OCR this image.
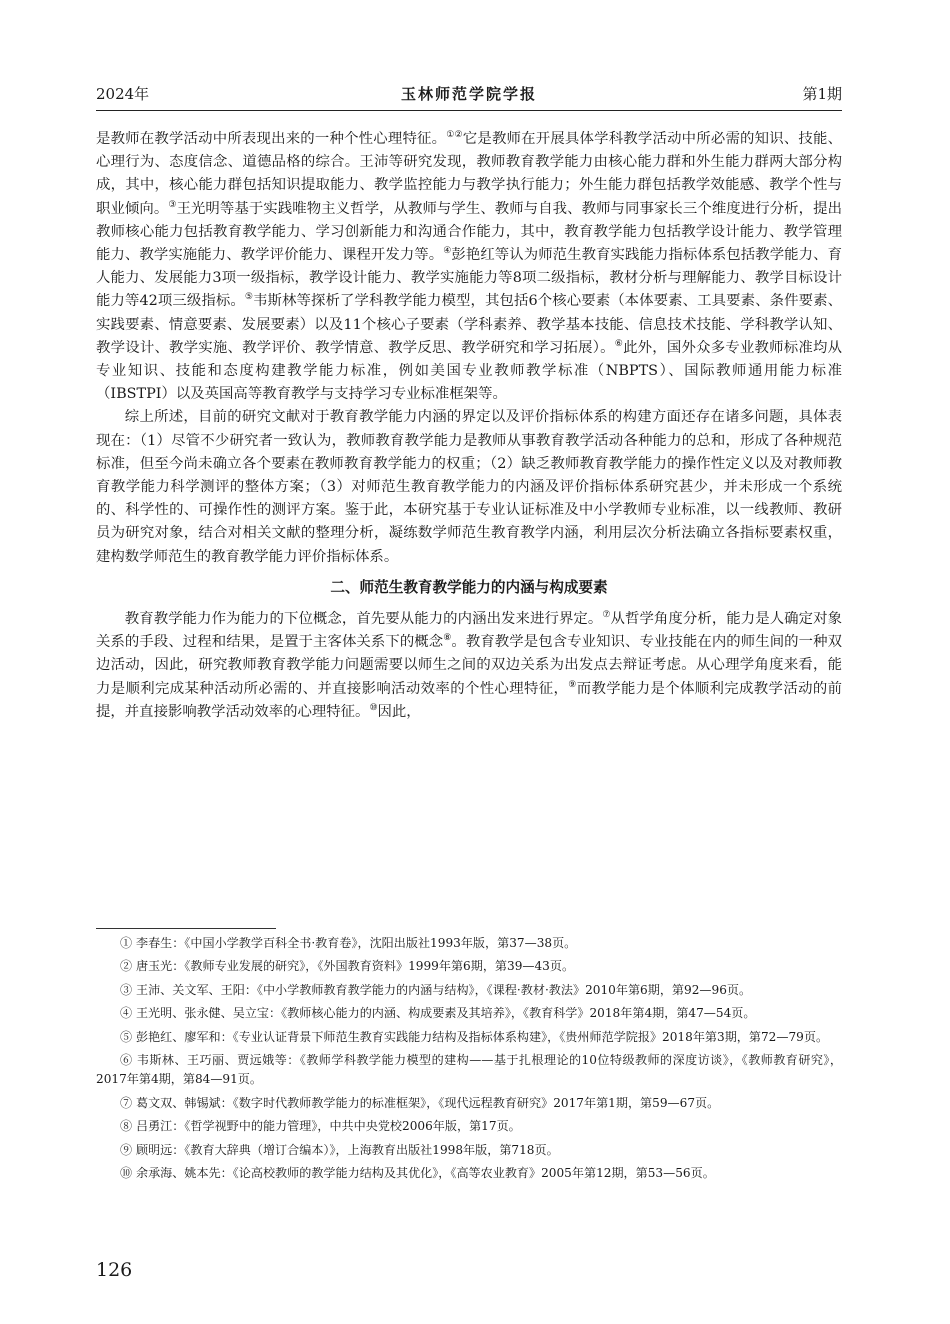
2024年	玉林师范学院学报	第1期

是教师在教学活动中所表现出来的一种个性心理特征。①②它是教师在开展具体学科教学活动中所必需的知识、技能、心理行为、态度信念、道德品格的综合。王沛等研究发现，教师教育教学能力由核心能力群和外生能力群两大部分构成，其中，核心能力群包括知识提取能力、教学监控能力与教学执行能力；外生能力群包括教学效能感、教学个性与职业倾向。③王光明等基于实践唯物主义哲学，从教师与学生、教师与自我、教师与同事家长三个维度进行分析，提出教师核心能力包括教育教学能力、学习创新能力和沟通合作能力，其中，教育教学能力包括教学设计能力、教学管理能力、教学实施能力、教学评价能力、课程开发力等。④彭艳红等认为师范生教育实践能力指标体系包括教学能力、育人能力、发展能力3项一级指标，教学设计能力、教学实施能力等8项二级指标，教材分析与理解能力、教学目标设计能力等42项三级指标。⑤韦斯林等探析了学科教学能力模型，其包括6个核心要素（本体要素、工具要素、条件要素、实践要素、情意要素、发展要素）以及11个核心子要素（学科素养、教学基本技能、信息技术技能、学科教学认知、教学设计、教学实施、教学评价、教学情意、教学反思、教学研究和学习拓展）。⑥此外，国外众多专业教师标准均从专业知识、技能和态度构建教学能力标准，例如美国专业教师教学标准（NBPTS）、国际教师通用能力标准（IBSTPI）以及英国高等教育教学与支持学习专业标准框架等。

综上所述，目前的研究文献对于教育教学能力内涵的界定以及评价指标体系的构建方面还存在诸多问题，具体表现在：（1）尽管不少研究者一致认为，教师教育教学能力是教师从事教育教学活动各种能力的总和，形成了各种规范标准，但至今尚未确立各个要素在教师教育教学能力的权重；（2）缺乏教师教育教学能力的操作性定义以及对教师教育教学能力科学测评的整体方案；（3）对师范生教育教学能力的内涵及评价指标体系研究甚少，并未形成一个系统的、科学性的、可操作性的测评方案。鉴于此，本研究基于专业认证标准及中小学教师专业标准，以一线教师、教研员为研究对象，结合对相关文献的整理分析，凝练数学师范生教育教学内涵，利用层次分析法确立各指标要素权重，建构数学师范生的教育教学能力评价指标体系。

二、师范生教育教学能力的内涵与构成要素

教育教学能力作为能力的下位概念，首先要从能力的内涵出发来进行界定。⑦从哲学角度分析，能力是人确定对象关系的手段、过程和结果，是置于主客体关系下的概念⑧。教育教学是包含专业知识、专业技能在内的师生间的一种双边活动，因此，研究教师教育教学能力问题需要以师生之间的双边关系为出发点去辩证考虑。从心理学角度来看，能力是顺利完成某种活动所必需的、并直接影响活动效率的个性心理特征，⑨而教学能力是个体顺利完成教学活动的前提，并直接影响教学活动效率的心理特征。⑩因此，

① 李春生：《中国小学教学百科全书·教育卷》，沈阳出版社1993年版，第37—38页。

② 唐玉光：《教师专业发展的研究》，《外国教育资料》1999年第6期，第39—43页。

③ 王沛、关文军、王阳：《中小学教师教育教学能力的内涵与结构》，《课程·教材·教法》2010年第6期，第92—96页。

④ 王光明、张永健、吴立宝：《教师核心能力的内涵、构成要素及其培养》，《教育科学》2018年第4期，第47—54页。

⑤ 彭艳红、廖军和：《专业认证背景下师范生教育实践能力结构及指标体系构建》，《贵州师范学院报》2018年第3期，第72—79页。

⑥ 韦斯林、王巧丽、贾远娥等：《教师学科教学能力模型的建构——基于扎根理论的10位特级教师的深度访谈》，《教师教育研究》，2017年第4期，第84—91页。

⑦ 葛文双、韩锡斌：《数字时代教师教学能力的标准框架》，《现代远程教育研究》2017年第1期，第59—67页。

⑧ 吕勇江：《哲学视野中的能力管理》，中共中央党校2006年版，第17页。

⑨ 顾明远：《教育大辞典（增订合编本）》，上海教育出版社1998年版，第718页。

⑩ 余承海、姚本先：《论高校教师的教学能力结构及其优化》，《高等农业教育》2005年第12期，第53—56页。

126
